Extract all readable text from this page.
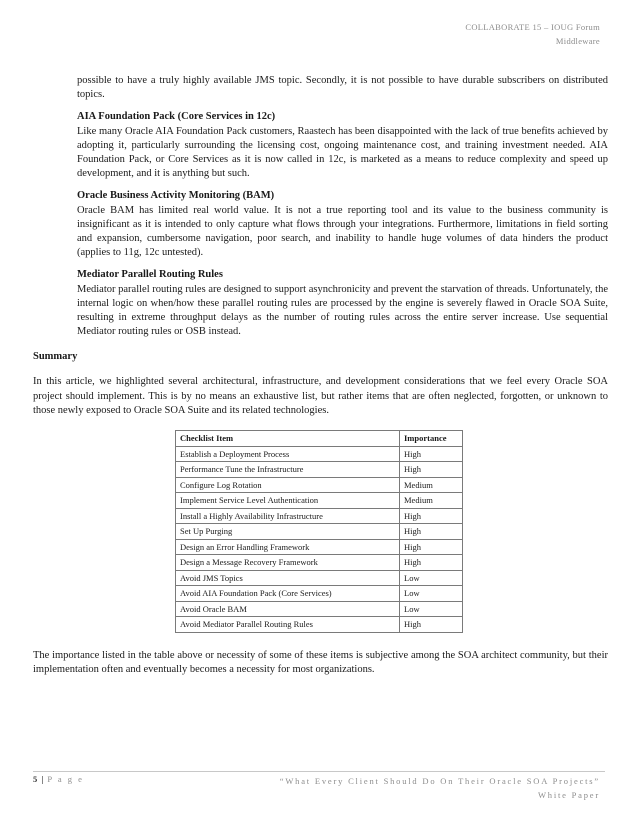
COLLABORATE 15 – IOUG Forum
Middleware

possible to have a truly highly available JMS topic. Secondly, it is not possible to have durable subscribers on distributed topics.

AIA Foundation Pack (Core Services in 12c)

Like many Oracle AIA Foundation Pack customers, Raastech has been disappointed with the lack of true benefits achieved by adopting it, particularly surrounding the licensing cost, ongoing maintenance cost, and training investment needed. AIA Foundation Pack, or Core Services as it is now called in 12c, is marketed as a means to reduce complexity and speed up development, and it is anything but such.

Oracle Business Activity Monitoring (BAM)

Oracle BAM has limited real world value. It is not a true reporting tool and its value to the business community is insignificant as it is intended to only capture what flows through your integrations. Furthermore, limitations in field sorting and expansion, cumbersome navigation, poor search, and inability to handle huge volumes of data hinders the product (applies to 11g, 12c untested).

Mediator Parallel Routing Rules

Mediator parallel routing rules are designed to support asynchronicity and prevent the starvation of threads. Unfortunately, the internal logic on when/how these parallel routing rules are processed by the engine is severely flawed in Oracle SOA Suite, resulting in extreme throughput delays as the number of routing rules across the entire server increase. Use sequential Mediator routing rules or OSB instead.

Summary

In this article, we highlighted several architectural, infrastructure, and development considerations that we feel every Oracle SOA project should implement. This is by no means an exhaustive list, but rather items that are often neglected, forgotten, or unknown to those newly exposed to Oracle SOA Suite and its related technologies.

Checklist Item	Importance
Establish a Deployment Process	High
Performance Tune the Infrastructure	High
Configure Log Rotation	Medium
Implement Service Level Authentication	Medium
Install a Highly Availability Infrastructure	High
Set Up Purging	High
Design an Error Handling Framework	High
Design a Message Recovery Framework	High
Avoid JMS Topics	Low
Avoid AIA Foundation Pack (Core Services)	Low
Avoid Oracle BAM	Low
Avoid Mediator Parallel Routing Rules	High

The importance listed in the table above or necessity of some of these items is subjective among the SOA architect community, but their implementation often and eventually becomes a necessity for most organizations.

5 | P a g e	“What Every Client Should Do On Their Oracle SOA Projects”
White Paper
